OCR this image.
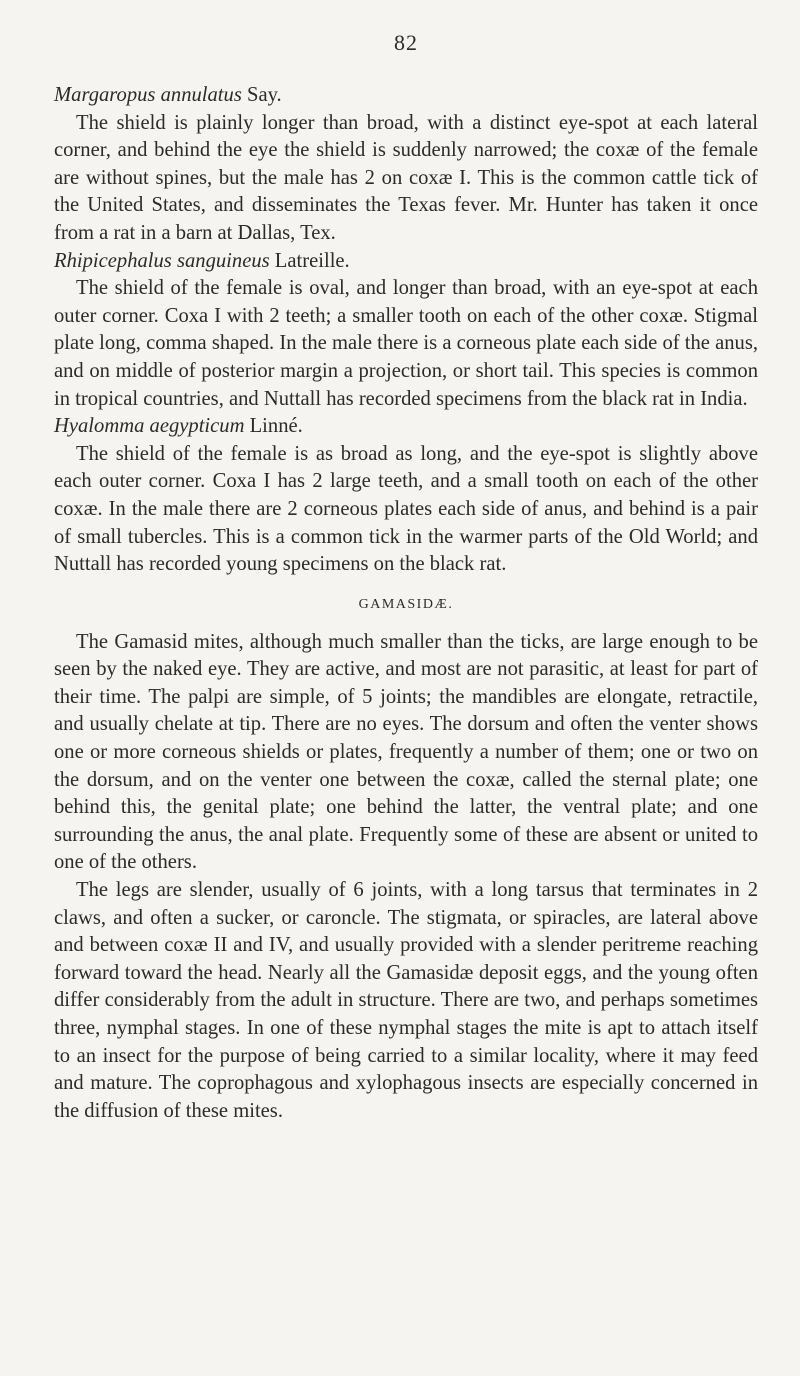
82

Margaropus annulatus Say.

The shield is plainly longer than broad, with a distinct eye-spot at each lateral corner, and behind the eye the shield is suddenly narrowed; the coxæ of the female are without spines, but the male has 2 on coxæ I. This is the common cattle tick of the United States, and disseminates the Texas fever. Mr. Hunter has taken it once from a rat in a barn at Dallas, Tex.

Rhipicephalus sanguineus Latreille.

The shield of the female is oval, and longer than broad, with an eye-spot at each outer corner. Coxa I with 2 teeth; a smaller tooth on each of the other coxæ. Stigmal plate long, comma shaped. In the male there is a corneous plate each side of the anus, and on middle of posterior margin a projection, or short tail. This species is common in tropical countries, and Nuttall has recorded specimens from the black rat in India.

Hyalomma aegypticum Linné.

The shield of the female is as broad as long, and the eye-spot is slightly above each outer corner. Coxa I has 2 large teeth, and a small tooth on each of the other coxæ. In the male there are 2 corneous plates each side of anus, and behind is a pair of small tubercles. This is a common tick in the warmer parts of the Old World; and Nuttall has recorded young specimens on the black rat.

GAMASIDÆ.

The Gamasid mites, although much smaller than the ticks, are large enough to be seen by the naked eye. They are active, and most are not parasitic, at least for part of their time. The palpi are simple, of 5 joints; the mandibles are elongate, retractile, and usually chelate at tip. There are no eyes. The dorsum and often the venter shows one or more corneous shields or plates, frequently a number of them; one or two on the dorsum, and on the venter one between the coxæ, called the sternal plate; one behind this, the genital plate; one behind the latter, the ventral plate; and one surrounding the anus, the anal plate. Frequently some of these are absent or united to one of the others.

The legs are slender, usually of 6 joints, with a long tarsus that terminates in 2 claws, and often a sucker, or caroncle. The stigmata, or spiracles, are lateral above and between coxæ II and IV, and usually provided with a slender peritreme reaching forward toward the head. Nearly all the Gamasidæ deposit eggs, and the young often differ considerably from the adult in structure. There are two, and perhaps sometimes three, nymphal stages. In one of these nymphal stages the mite is apt to attach itself to an insect for the purpose of being carried to a similar locality, where it may feed and mature. The coprophagous and xylophagous insects are especially concerned in the diffusion of these mites.
